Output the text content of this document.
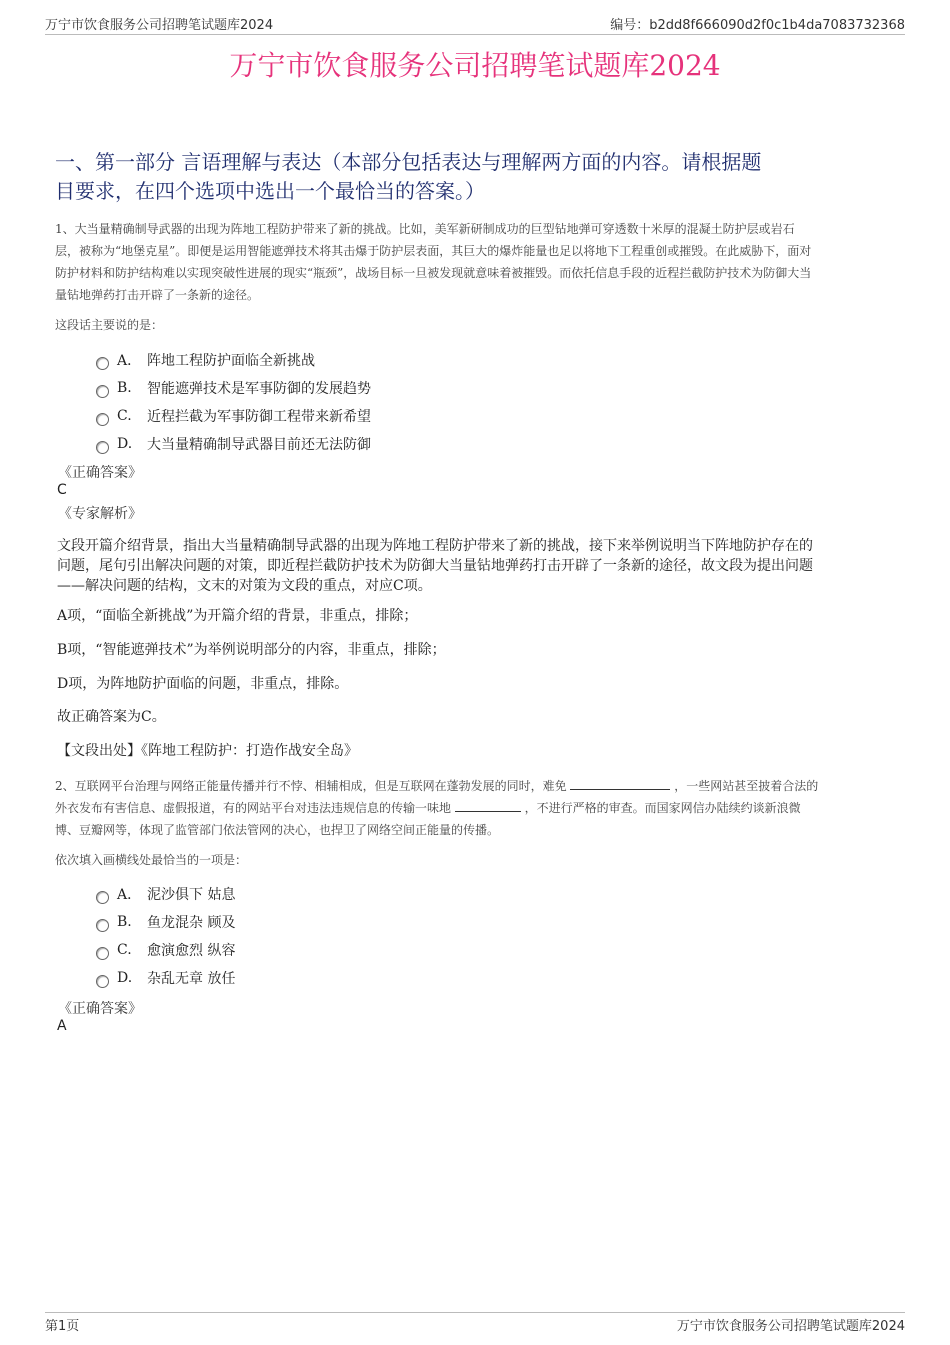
万宁市饮食服务公司招聘笔试题库2024	编号：b2dd8f666090d2f0c1b4da7083732368
万宁市饮食服务公司招聘笔试题库2024
一、第一部分 言语理解与表达（本部分包括表达与理解两方面的内容。请根据题
目要求，在四个选项中选出一个最恰当的答案。）
1、大当量精确制导武器的出现为阵地工程防护带来了新的挑战。比如，美军新研制成功的巨型钻地弹可穿透数十米厚的混凝土防护层或岩石
层，被称为“地堡克星”。即便是运用智能遮弹技术将其击爆于防护层表面，其巨大的爆炸能量也足以将地下工程重创或摧毁。在此威胁下，面对
防护材料和防护结构难以实现突破性进展的现实“瓶颈”，战场目标一旦被发现就意味着被摧毁。而依托信息手段的近程拦截防护技术为防御大当
量钻地弹药打击开辟了一条新的途径。
这段话主要说的是：
A． 阵地工程防护面临全新挑战
B.	智能遮弹技术是军事防御的发展趋势
C.	近程拦截为军事防御工程带来新希望
D.	大当量精确制导武器目前还无法防御
《正确答案》
C
《专家解析》
文段开篇介绍背景，指出大当量精确制导武器的出现为阵地工程防护带来了新的挑战，接下来举例说明当下阵地防护存在的
问题，尾句引出解决问题的对策，即近程拦截防护技术为防御大当量钻地弹药打击开辟了一条新的途径，故文段为提出问题
——解决问题的结构，文末的对策为文段的重点，对应C项。
A项，“面临全新挑战”为开篇介绍的背景，非重点，排除；
B项，“智能遮弹技术”为举例说明部分的内容，非重点，排除；
D项，为阵地防护面临的问题，非重点，排除。
故正确答案为C。
【文段出处】《阵地工程防护：打造作战安全岛》
2、互联网平台治理与网络正能量传播并行不悖、相辅相成，但是互联网在蓬勃发展的同时，难免	，一些网站甚至披着合法的
外衣发布有害信息、虚假报道，有的网站平台对违法违规信息的传输一味地	，不进行严格的审查。而国家网信办陆续约谈新浪微
博、豆瓣网等，体现了监管部门依法管网的决心，也捍卫了网络空间正能量的传播。
依次填入画横线处最恰当的一项是：
A． 泥沙俱下 姑息
B.	鱼龙混杂 顾及
C.	愈演愈烈 纵容
D.	杂乱无章 放任
《正确答案》
A
第1页	万宁市饮食服务公司招聘笔试题库2024
